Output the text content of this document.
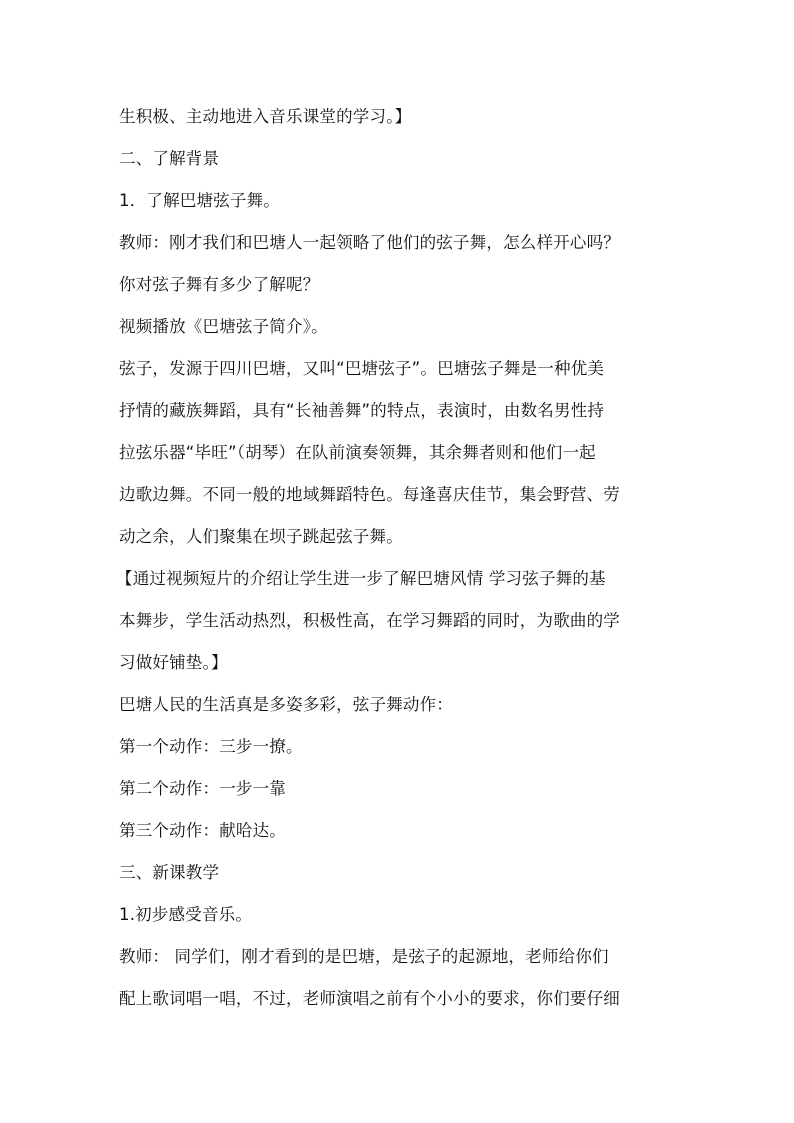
生积极、主动地进入音乐课堂的学习。】
二、了解背景
1．了解巴塘弦子舞。
教师：刚才我们和巴塘人一起领略了他们的弦子舞，怎么样开心吗？
你对弦子舞有多少了解呢？
视频播放《巴塘弦子简介》。
弦子，发源于四川巴塘，又叫“巴塘弦子”。巴塘弦子舞是一种优美
抒情的藏族舞蹈，具有“长袖善舞”的特点，表演时，由数名男性持
拉弦乐器“毕旺”（胡琴）在队前演奏领舞，其余舞者则和他们一起
边歌边舞。不同一般的地域舞蹈特色。每逢喜庆佳节，集会野营、劳
动之余，人们聚集在坝子跳起弦子舞。
【通过视频短片的介绍让学生进一步了解巴塘风情 学习弦子舞的基
本舞步，学生活动热烈，积极性高，在学习舞蹈的同时，为歌曲的学
习做好铺垫。】
巴塘人民的生活真是多姿多彩，弦子舞动作：
第一个动作：三步一撩。
第二个动作：一步一靠
第三个动作：献哈达。
三、新课教学
1.初步感受音乐。
教师： 同学们，刚才看到的是巴塘，是弦子的起源地，老师给你们
配上歌词唱一唱，不过，老师演唱之前有个小小的要求，你们要仔细
